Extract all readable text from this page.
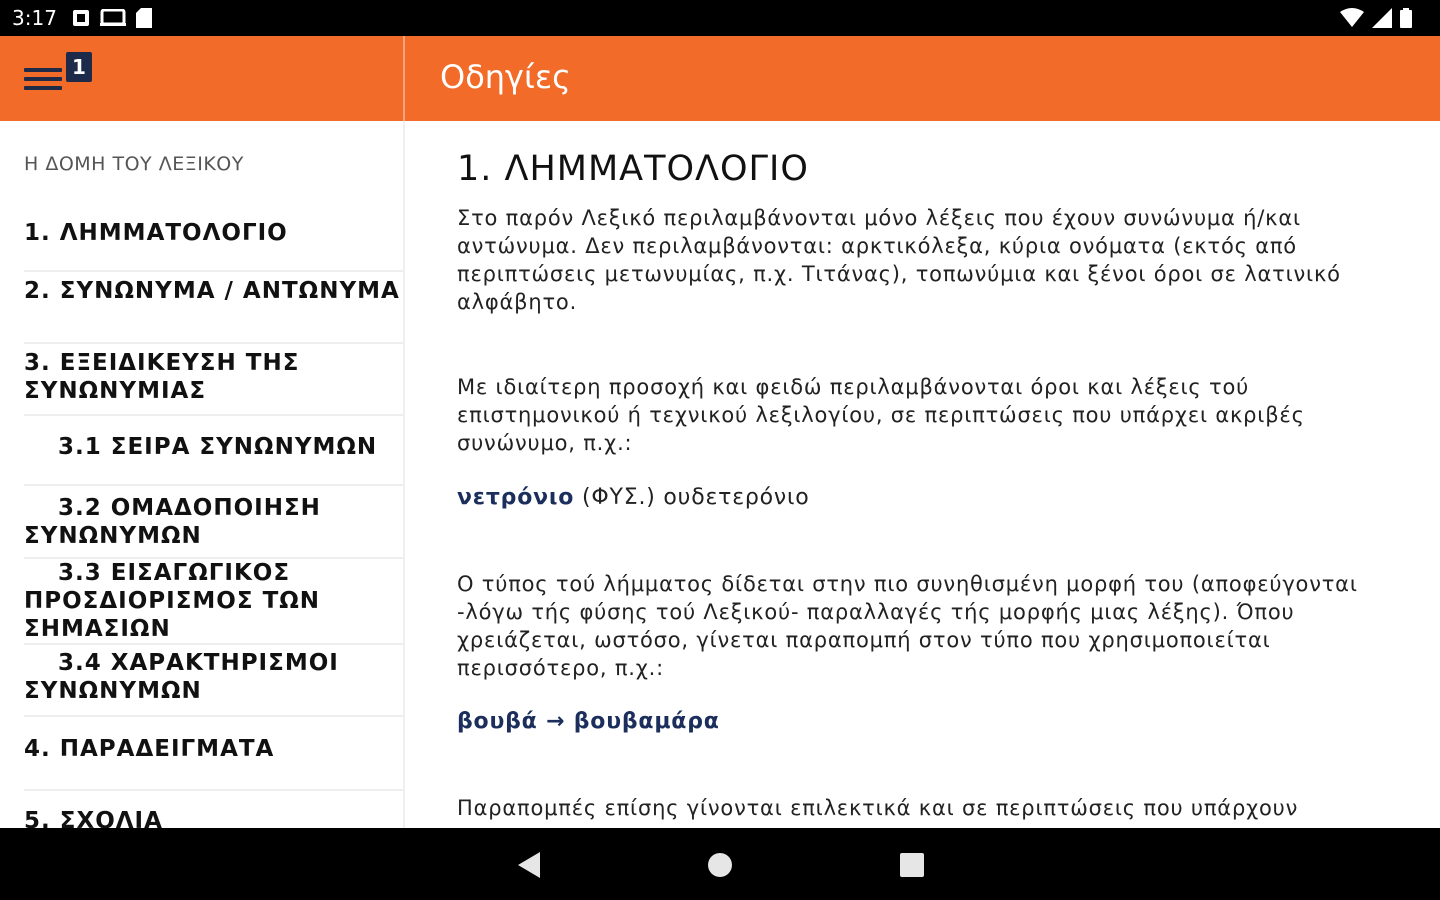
3:17
1	Οδηγίες
Η ΔΟΜΗ ΤΟΥ ΛΕΞΙΚΟΥ
1. ΛΗΜΜΑΤΟΛΟΓΙΟ
2. ΣΥΝΩΝΥΜΑ / ΑΝΤΩΝΥΜΑ
3. ΕΞΕΙΔΙΚΕΥΣΗ ΤΗΣ ΣΥΝΩΝΥΜΙΑΣ
3.1 ΣΕΙΡΑ ΣΥΝΩΝΥΜΩΝ
3.2 ΟΜΑΔΟΠΟΙΗΣΗ ΣΥΝΩΝΥΜΩΝ
3.3 ΕΙΣΑΓΩΓΙΚΟΣ ΠΡΟΣΔΙΟΡΙΣΜΟΣ ΤΩΝ ΣΗΜΑΣΙΩΝ
3.4 ΧΑΡΑΚΤΗΡΙΣΜΟΙ ΣΥΝΩΝΥΜΩΝ
4. ΠΑΡΑΔΕΙΓΜΑΤΑ
5. ΣΧΟΛΙΑ
1. ΛΗΜΜΑΤΟΛΟΓΙΟ
Στο παρόν Λεξικό περιλαμβάνονται μόνο λέξεις που έχουν συνώνυμα ή/και αντώνυμα. Δεν περιλαμβάνονται: αρκτικόλεξα, κύρια ονόματα (εκτός από περιπτώσεις μετωνυμίας, π.χ. Τιτάνας), τοπωνύμια και ξένοι όροι σε λατινικό αλφάβητο.
Με ιδιαίτερη προσοχή και φειδώ περιλαμβάνονται όροι και λέξεις τού επιστημονικού ή τεχνικού λεξιλογίου, σε περιπτώσεις που υπάρχει ακριβές συνώνυμο, π.χ.:
νετρόνιο (ΦΥΣ.) ουδετερόνιο
Ο τύπος τού λήμματος δίδεται στην πιο συνηθισμένη μορφή του (αποφεύγονται -λόγω τής φύσης τού Λεξικού- παραλλαγές τής μορφής μιας λέξης). Όπου χρειάζεται, ωστόσο, γίνεται παραπομπή στον τύπο που χρησιμοποιείται περισσότερο, π.χ.:
βουβά → βουβαμάρα
Παραπομπές επίσης γίνονται επιλεκτικά και σε περιπτώσεις που υπάρχουν
